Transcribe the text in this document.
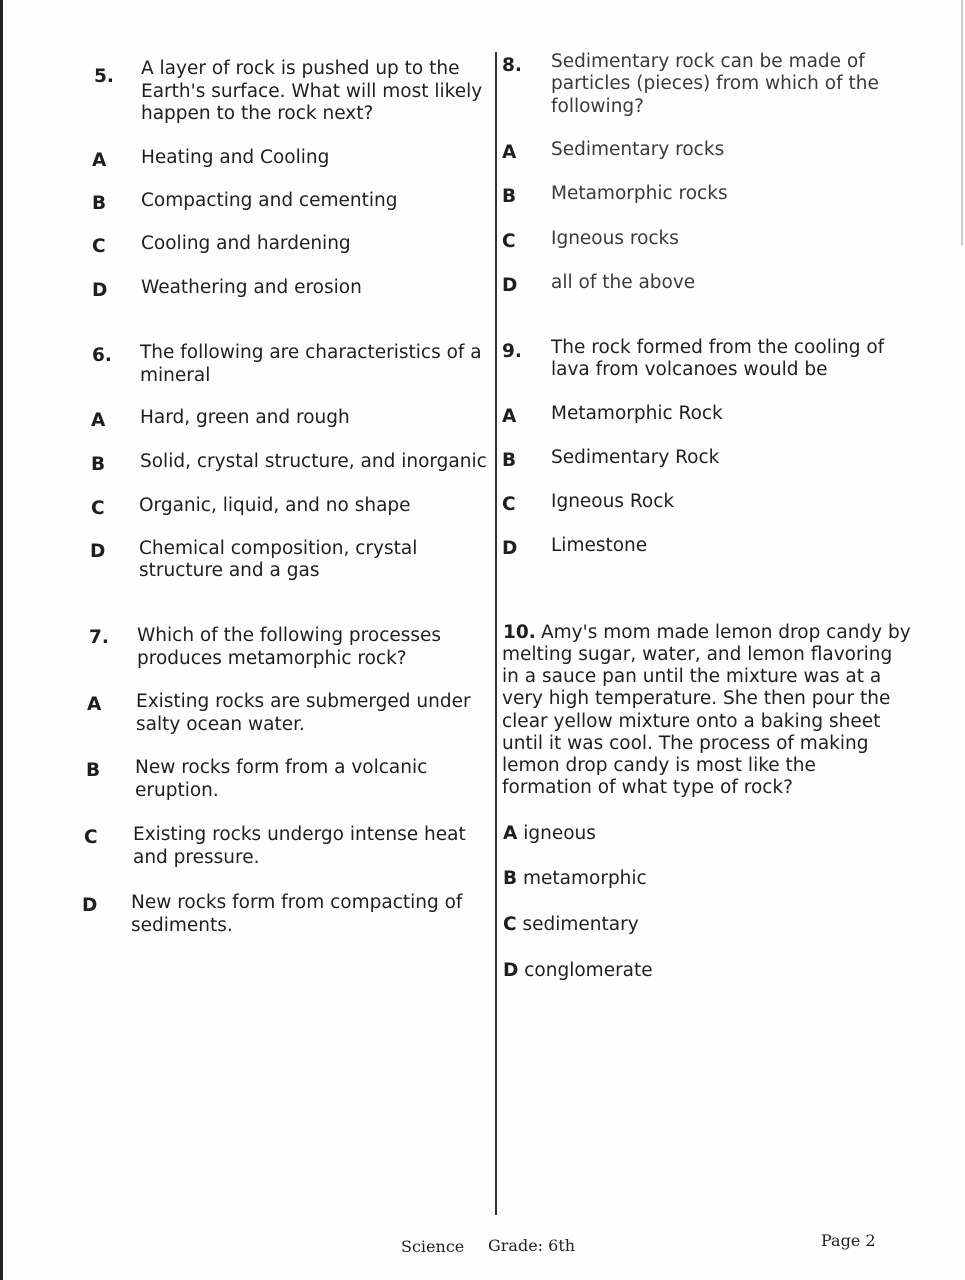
5. A layer of rock is pushed up to the
Earth's surface. What will most likely
happen to the rock next?
A Heating and Cooling
B Compacting and cementing
C Cooling and hardening
D Weathering and erosion
6. The following are characteristics of a
mineral
A Hard, green and rough
B Solid, crystal structure, and inorganic
C Organic, liquid, and no shape
D Chemical composition, crystal
structure and a gas
7. Which of the following processes
produces metamorphic rock?
A Existing rocks are submerged under
salty ocean water.
B New rocks form from a volcanic
eruption.
C Existing rocks undergo intense heat
and pressure.
D New rocks form from compacting of
sediments.
8. Sedimentary rock can be made of
particles (pieces) from which of the
following?
A Sedimentary rocks
B Metamorphic rocks
C Igneous rocks
D all of the above
9. The rock formed from the cooling of
lava from volcanoes would be
A Metamorphic Rock
B Sedimentary Rock
C Igneous Rock
D Limestone
10. Amy's mom made lemon drop candy by
melting sugar, water, and lemon flavoring
in a sauce pan until the mixture was at a
very high temperature. She then pour the
clear yellow mixture onto a baking sheet
until it was cool. The process of making
lemon drop candy is most like the
formation of what type of rock?
A igneous
B metamorphic
C sedimentary
D conglomerate
Science Grade: 6th	Page 2
